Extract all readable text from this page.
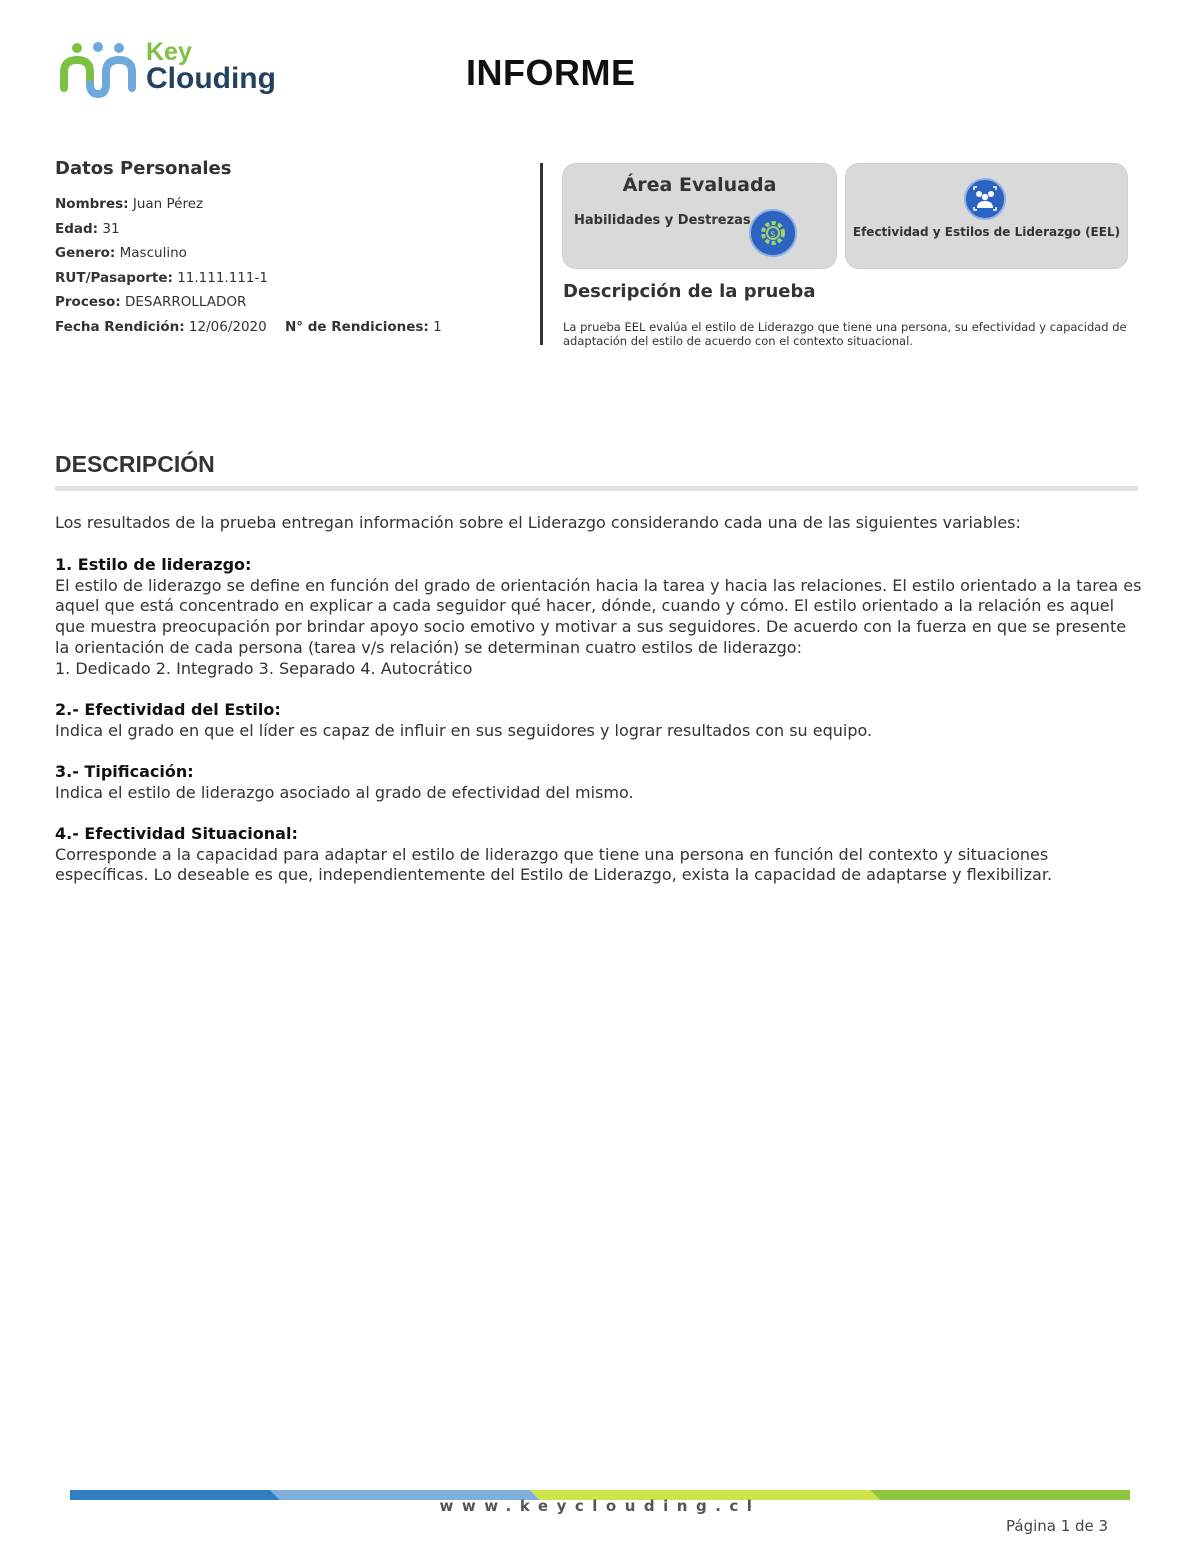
Key
Clouding	INFORME
Datos Personales
Nombres: Juan Pérez
Edad: 31
Genero: Masculino
RUT/Pasaporte: 11.111.111-1
Proceso: DESARROLLADOR
Fecha Rendición: 12/06/2020 N° de Rendiciones: 1
Área Evaluada
Habilidades y Destrezas
$	Efectividad y Estilos de Liderazgo (EEL)
Descripción de la prueba
La prueba EEL evalúa el estilo de Liderazgo que tiene una persona, su efectividad y capacidad de adaptación del estilo de acuerdo con el contexto situacional.
DESCRIPCIÓN
Los resultados de la prueba entregan información sobre el Liderazgo considerando cada una de las siguientes variables:
1. Estilo de liderazgo:
El estilo de liderazgo se define en función del grado de orientación hacia la tarea y hacia las relaciones. El estilo orientado a la tarea es aquel que está concentrado en explicar a cada seguidor qué hacer, dónde, cuando y cómo. El estilo orientado a la relación es aquel que muestra preocupación por brindar apoyo socio emotivo y motivar a sus seguidores. De acuerdo con la fuerza en que se presente la orientación de cada persona (tarea v/s relación) se determinan cuatro estilos de liderazgo:
1. Dedicado 2. Integrado 3. Separado 4. Autocrático
2.- Efectividad del Estilo:
Indica el grado en que el líder es capaz de influir en sus seguidores y lograr resultados con su equipo.
3.- Tipificación:
Indica el estilo de liderazgo asociado al grado de efectividad del mismo.
4.- Efectividad Situacional:
Corresponde a la capacidad para adaptar el estilo de liderazgo que tiene una persona en función del contexto y situaciones específicas. Lo deseable es que, independientemente del Estilo de Liderazgo, exista la capacidad de adaptarse y flexibilizar.
www.keyclouding.cl
Página 1 de 3
